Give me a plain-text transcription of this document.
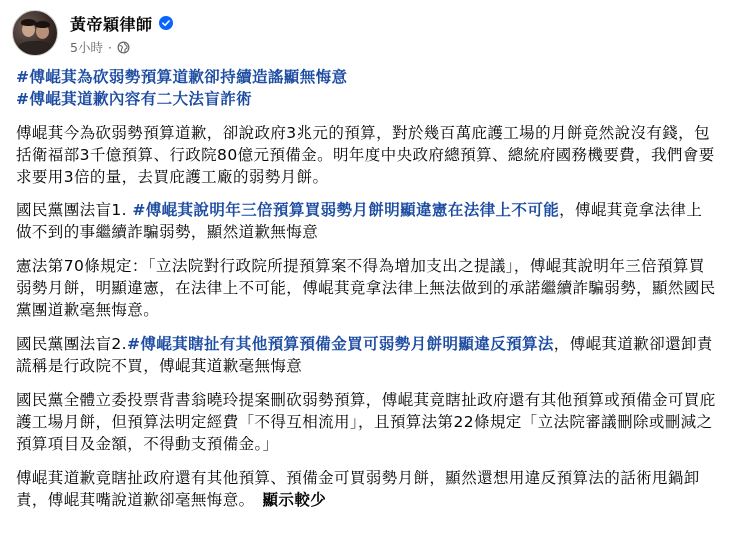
黃帝穎律師
5小時 ·
#傅崐萁為砍弱勢預算道歉卻持續造謠顯無悔意
#傅崐萁道歉內容有二大法盲詐術

傅崐萁今為砍弱勢預算道歉，卻說政府3兆元的預算，對於幾百萬庇護工場的月餅竟然說沒有錢，包括衛福部3千億預算、行政院80億元預備金。明年度中央政府總預算、總統府國務機要費，我們會要求要用3倍的量，去買庇護工廠的弱勢月餅。

國民黨團法盲1. #傅崐萁說明年三倍預算買弱勢月餅明顯違憲在法律上不可能，傅崐萁竟拿法律上做不到的事繼續詐騙弱勢，顯然道歉無悔意

憲法第70條規定：「立法院對行政院所提預算案不得為增加支出之提議」，傅崐萁說明年三倍預算買弱勢月餅，明顯違憲，在法律上不可能，傅崐萁竟拿法律上無法做到的承諾繼續詐騙弱勢，顯然國民黨團道歉毫無悔意。

國民黨團法盲2.#傅崐萁瞎扯有其他預算預備金買可弱勢月餅明顯違反預算法，傅崐萁道歉卻還卸責謊稱是行政院不買，傅崐萁道歉毫無悔意

國民黨全體立委投票背書翁曉玲提案刪砍弱勢預算，傅崐萁竟瞎扯政府還有其他預算或預備金可買庇護工場月餅，但預算法明定經費「不得互相流用」，且預算法第22條規定「立法院審議刪除或刪減之預算項目及金額，不得動支預備金。」

傅崐萁道歉竟瞎扯政府還有其他預算、預備金可買弱勢月餅，顯然還想用違反預算法的話術甩鍋卸責，傅崐萁嘴說道歉卻毫無悔意。 顯示較少
